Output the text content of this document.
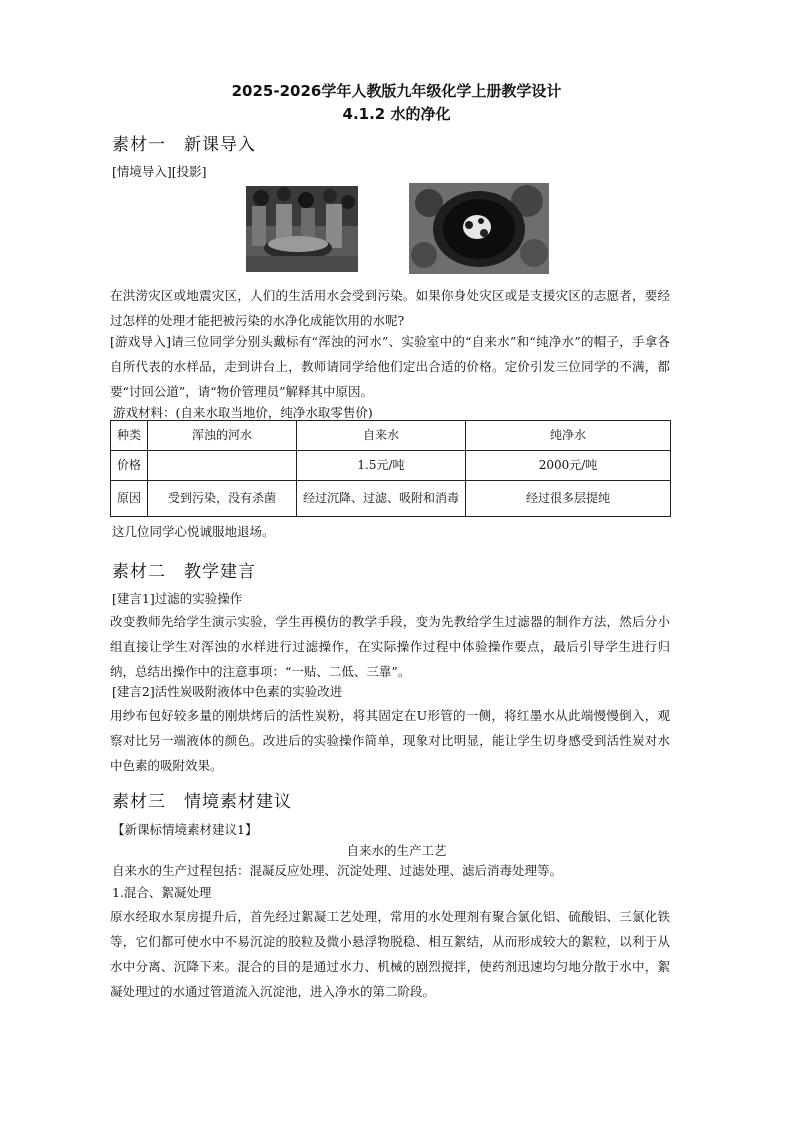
2025-2026学年人教版九年级化学上册教学设计
4.1.2 水的净化
素材一　新课导入
[情境导入][投影]
在洪涝灾区或地震灾区，人们的生活用水会受到污染。如果你身处灾区或是支援灾区的志愿者，要经过怎样的处理才能把被污染的水净化成能饮用的水呢?
[游戏导入]请三位同学分别头戴标有“浑浊的河水”、实验室中的“自来水”和“纯净水”的帽子，手拿各自所代表的水样品，走到讲台上，教师请同学给他们定出合适的价格。定价引发三位同学的不满，都要“讨回公道”，请“物价管理员”解释其中原因。
游戏材料：(自来水取当地价，纯净水取零售价)
种类	浑浊的河水	自来水	纯净水
价格		1.5元/吨	2000元/吨
原因	受到污染，没有杀菌	经过沉降、过滤、吸附和消毒	经过很多层提纯
这几位同学心悦诚服地退场。
素材二　教学建言
[建言1]过滤的实验操作
改变教师先给学生演示实验，学生再模仿的教学手段，变为先教给学生过滤器的制作方法，然后分小组直接让学生对浑浊的水样进行过滤操作，在实际操作过程中体验操作要点，最后引导学生进行归纳，总结出操作中的注意事项：“一贴、二低、三靠”。
[建言2]活性炭吸附液体中色素的实验改进
用纱布包好较多量的刚烘烤后的活性炭粉，将其固定在U形管的一侧，将红墨水从此端慢慢倒入，观察对比另一端液体的颜色。改进后的实验操作简单，现象对比明显，能让学生切身感受到活性炭对水中色素的吸附效果。
素材三　情境素材建议
【新课标情境素材建议1】
自来水的生产工艺
自来水的生产过程包括：混凝反应处理、沉淀处理、过滤处理、滤后消毒处理等。
1.混合、絮凝处理
原水经取水泵房提升后，首先经过絮凝工艺处理，常用的水处理剂有聚合氯化铝、硫酸铝、三氯化铁等，它们都可使水中不易沉淀的胶粒及微小悬浮物脱稳、相互絮结，从而形成较大的絮粒，以利于从水中分离、沉降下来。混合的目的是通过水力、机械的剧烈搅拌，使药剂迅速均匀地分散于水中，絮凝处理过的水通过管道流入沉淀池，进入净水的第二阶段。
